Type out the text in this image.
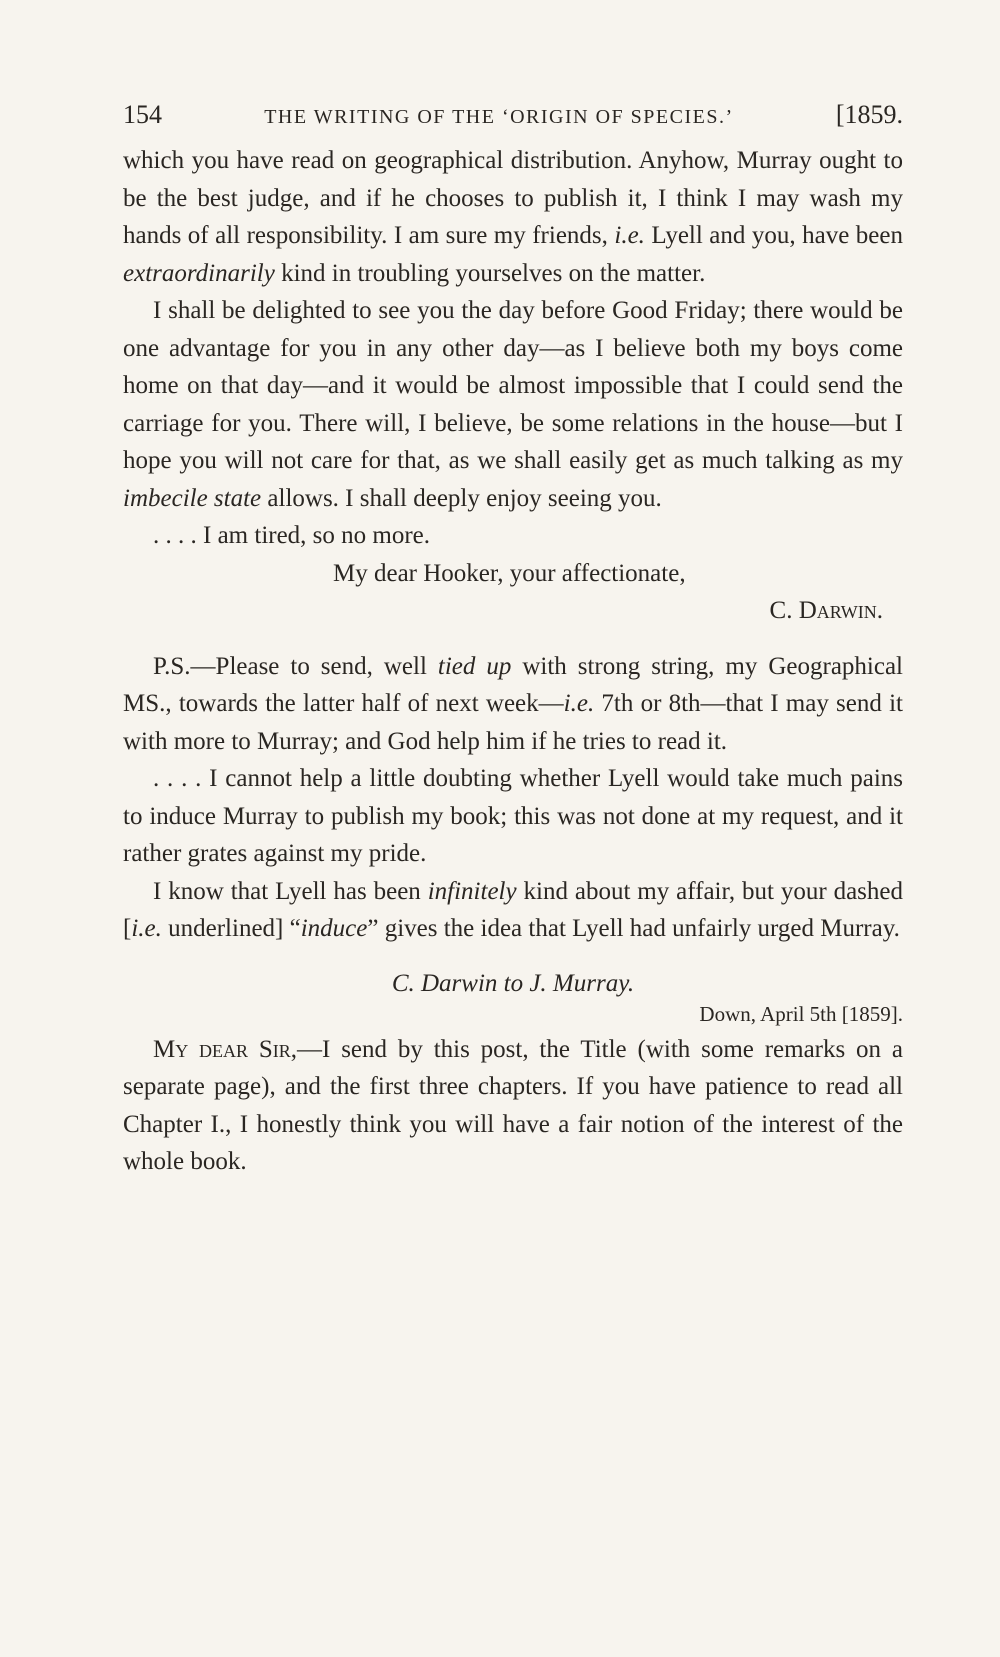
154	THE WRITING OF THE ‘ORIGIN OF SPECIES.’	[1859.

which you have read on geographical distribution. Anyhow, Murray ought to be the best judge, and if he chooses to publish it, I think I may wash my hands of all responsibility. I am sure my friends, i.e. Lyell and you, have been extraordinarily kind in troubling yourselves on the matter.

I shall be delighted to see you the day before Good Friday; there would be one advantage for you in any other day—as I believe both my boys come home on that day—and it would be almost impossible that I could send the carriage for you. There will, I believe, be some relations in the house—but I hope you will not care for that, as we shall easily get as much talking as my imbecile state allows. I shall deeply enjoy seeing you.

. . . . I am tired, so no more.
My dear Hooker, your affectionate,
C. Darwin.

P.S.—Please to send, well tied up with strong string, my Geographical MS., towards the latter half of next week—i.e. 7th or 8th—that I may send it with more to Murray; and God help him if he tries to read it.

. . . . I cannot help a little doubting whether Lyell would take much pains to induce Murray to publish my book; this was not done at my request, and it rather grates against my pride.

I know that Lyell has been infinitely kind about my affair, but your dashed [i.e. underlined] “induce” gives the idea that Lyell had unfairly urged Murray.

C. Darwin to J. Murray.
Down, April 5th [1859].

My dear Sir,—I send by this post, the Title (with some remarks on a separate page), and the first three chapters. If you have patience to read all Chapter I., I honestly think you will have a fair notion of the interest of the whole book.
